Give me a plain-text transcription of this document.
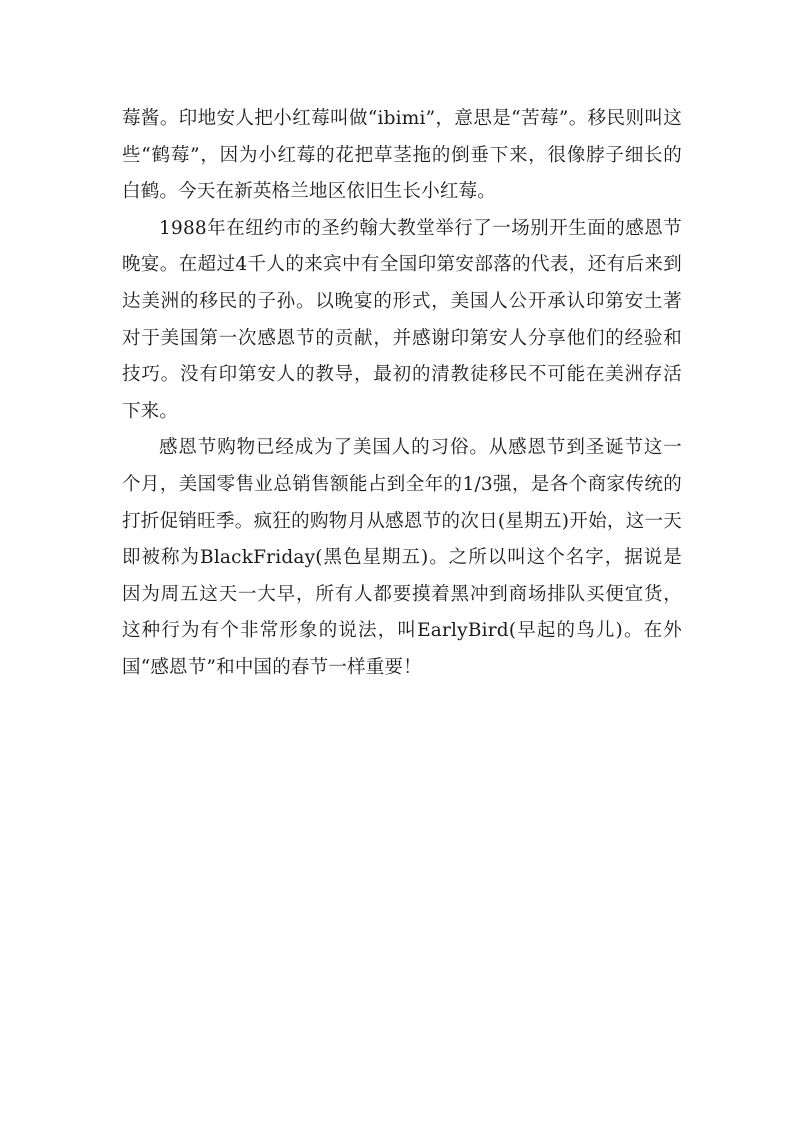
莓酱。印地安人把小红莓叫做“ibimi”，意思是“苦莓”。移民则叫这些“鹤莓”，因为小红莓的花把草茎拖的倒垂下来，很像脖子细长的白鹤。今天在新英格兰地区依旧生长小红莓。

1988年在纽约市的圣约翰大教堂举行了一场别开生面的感恩节晚宴。在超过4千人的来宾中有全国印第安部落的代表，还有后来到达美洲的移民的子孙。以晚宴的形式，美国人公开承认印第安土著对于美国第一次感恩节的贡献，并感谢印第安人分享他们的经验和技巧。没有印第安人的教导，最初的清教徒移民不可能在美洲存活下来。

感恩节购物已经成为了美国人的习俗。从感恩节到圣诞节这一个月，美国零售业总销售额能占到全年的1/3强，是各个商家传统的打折促销旺季。疯狂的购物月从感恩节的次日(星期五)开始，这一天即被称为BlackFriday(黑色星期五)。之所以叫这个名字，据说是因为周五这天一大早，所有人都要摸着黑冲到商场排队买便宜货，这种行为有个非常形象的说法，叫EarlyBird(早起的鸟儿)。在外国“感恩节”和中国的春节一样重要！
